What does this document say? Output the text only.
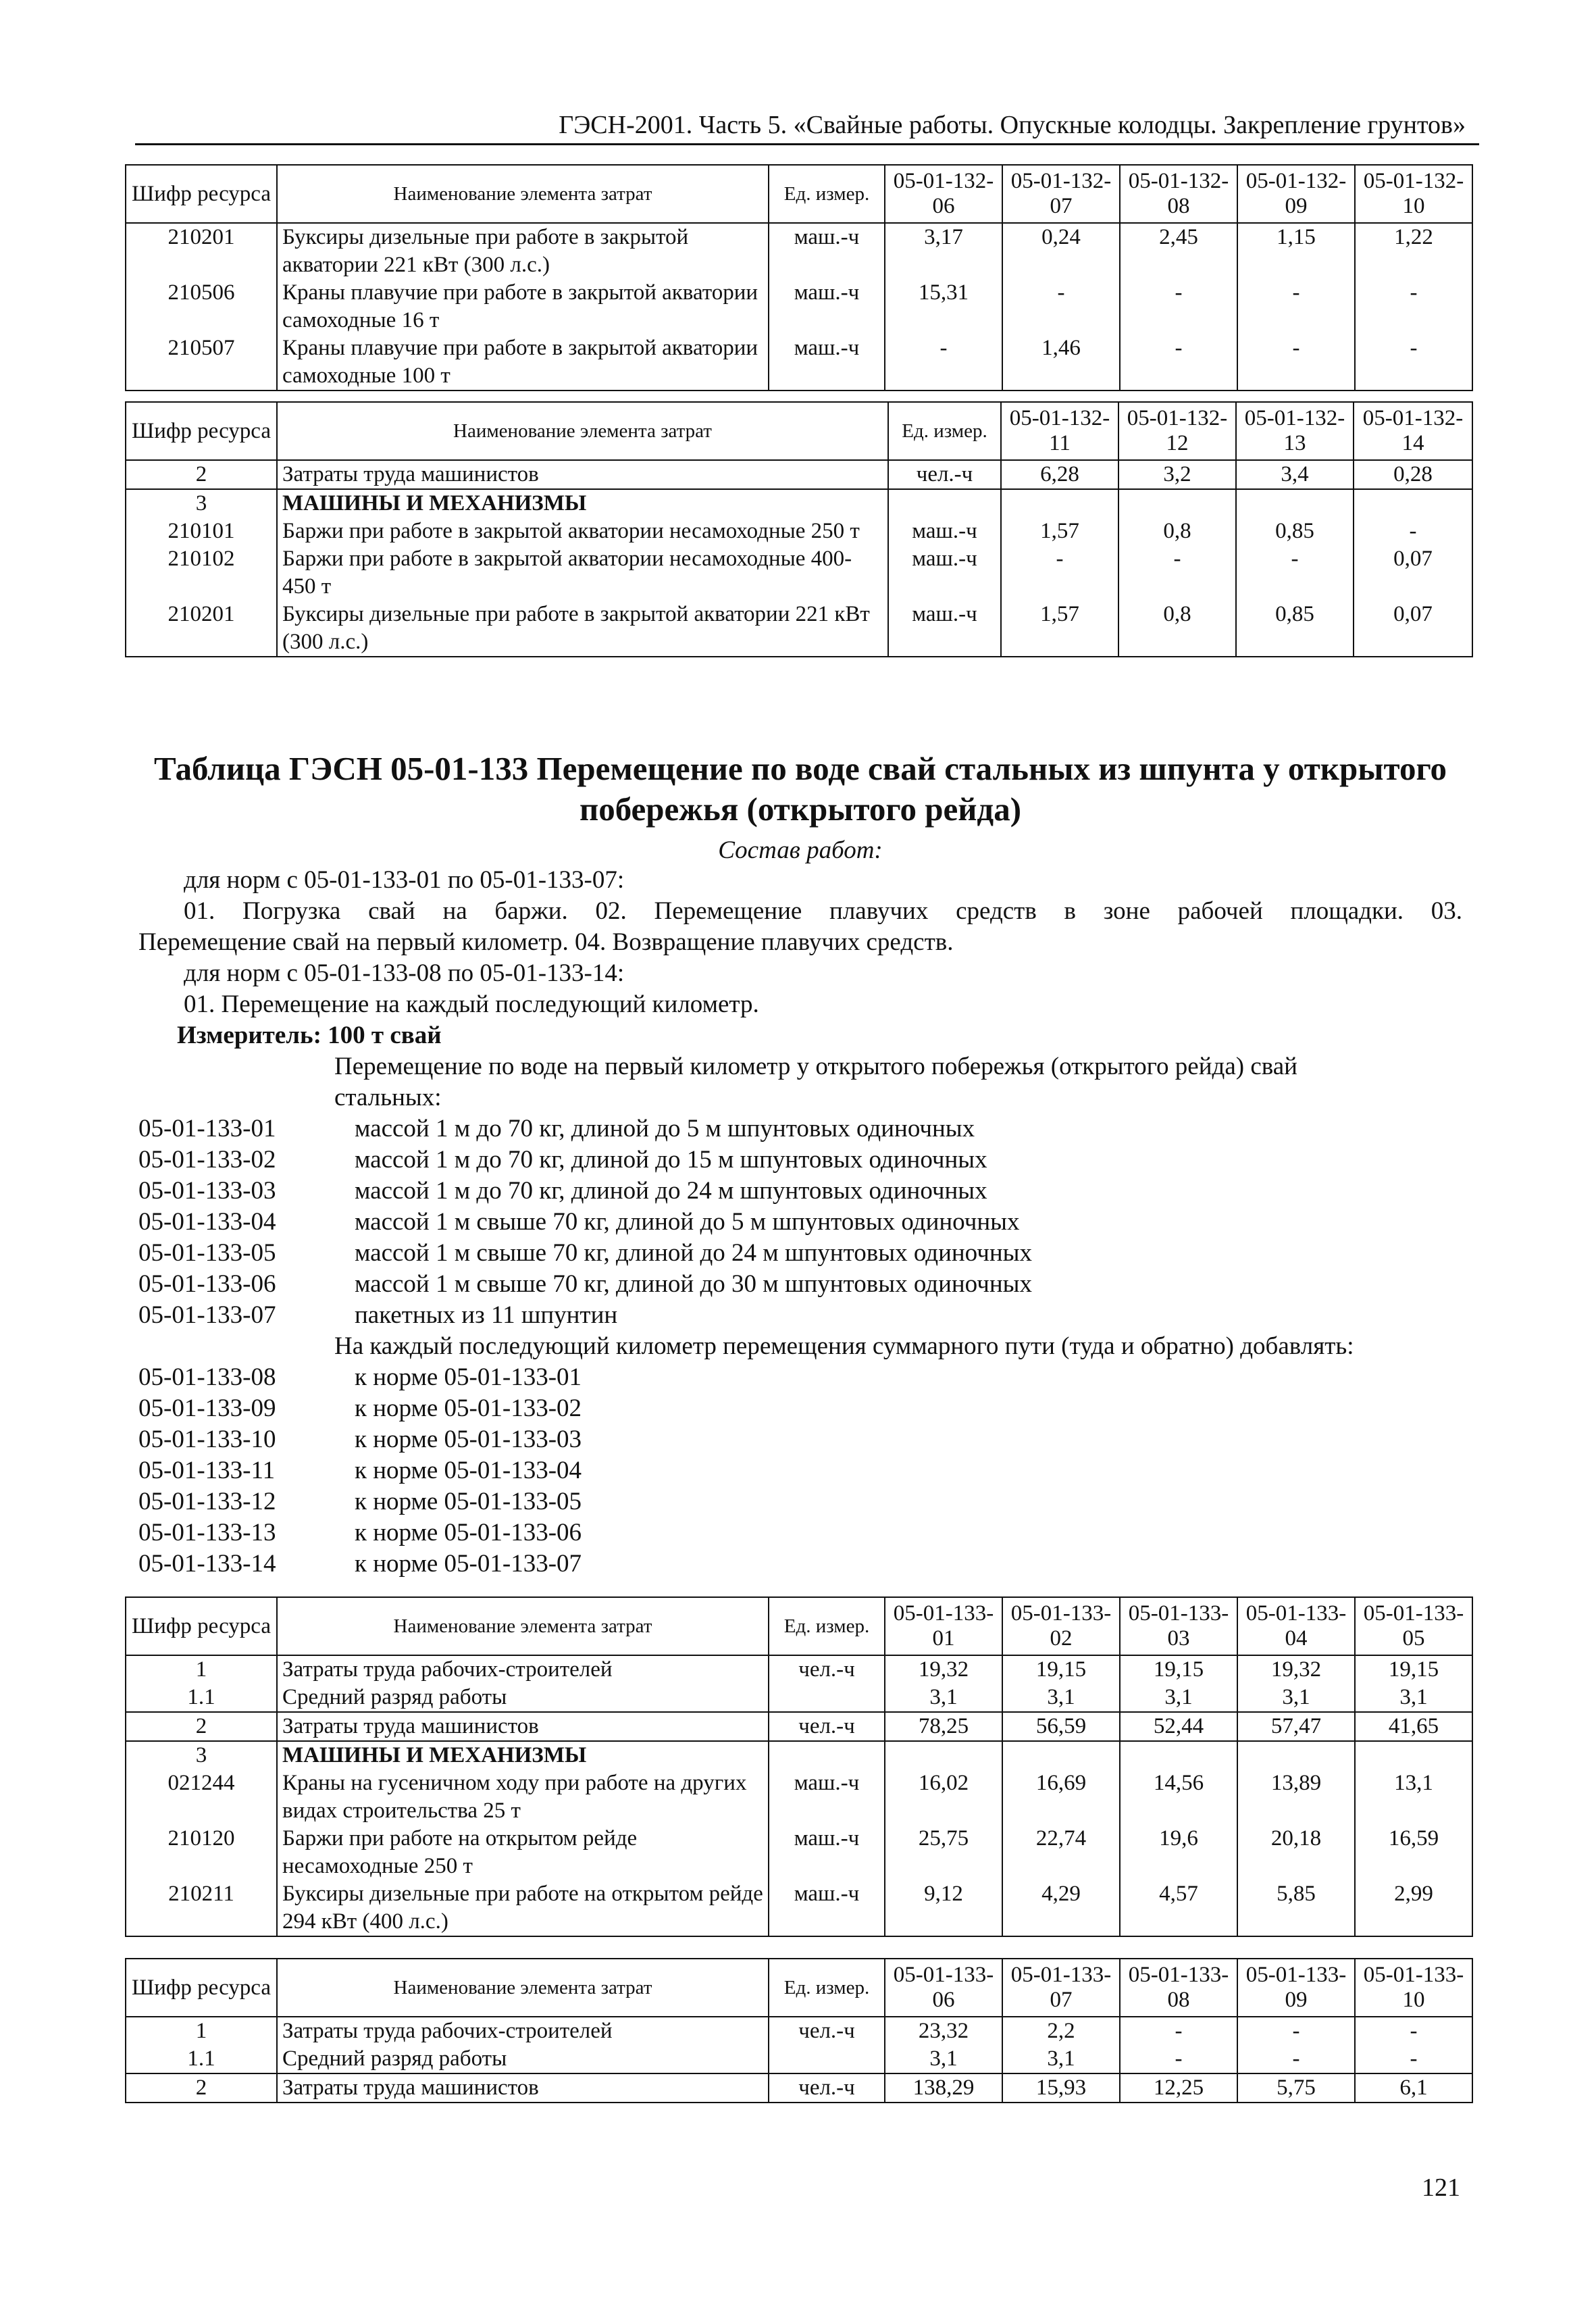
ГЭСН-2001. Часть 5. «Свайные работы. Опускные колодцы. Закрепление грунтов»
Шифр ресурса	Наименование элемента затрат	Ед. измер.	05-01-132-06	05-01-132-07	05-01-132-08	05-01-132-09	05-01-132-10
210201	Буксиры дизельные при работе в закрытой акватории 221 кВт (300 л.с.)	маш.-ч	3,17	0,24	2,45	1,15	1,22
210506	Краны плавучие при работе в закрытой акватории самоходные 16 т	маш.-ч	15,31	-	-	-	-
210507	Краны плавучие при работе в закрытой акватории самоходные 100 т	маш.-ч	-	1,46	-	-	-
Шифр ресурса	Наименование элемента затрат	Ед. измер.	05-01-132-11	05-01-132-12	05-01-132-13	05-01-132-14
2	Затраты труда машинистов	чел.-ч	6,28	3,2	3,4	0,28
3	МАШИНЫ И МЕХАНИЗМЫ					
210101	Баржи при работе в закрытой акватории несамоходные 250 т	маш.-ч	1,57	0,8	0,85	-
210102	Баржи при работе в закрытой акватории несамоходные 400-450 т	маш.-ч	-	-	-	0,07
210201	Буксиры дизельные при работе в закрытой акватории 221 кВт (300 л.с.)	маш.-ч	1,57	0,8	0,85	0,07
Таблица ГЭСН 05-01-133 Перемещение по воде свай стальных из шпунта у открытого
побережья (открытого рейда)
Состав работ:
для норм с 05-01-133-01 по 05-01-133-07:
01. Погрузка свай на баржи. 02. Перемещение плавучих средств в зоне рабочей площадки. 03.
Перемещение свай на первый километр. 04. Возвращение плавучих средств.
для норм с 05-01-133-08 по 05-01-133-14:
01. Перемещение на каждый последующий километр.
Измеритель: 100 т свай
Перемещение по воде на первый километр у открытого побережья (открытого рейда) свай
стальных:
05-01-133-01	массой 1 м до 70 кг, длиной до 5 м шпунтовых одиночных
05-01-133-02	массой 1 м до 70 кг, длиной до 15 м шпунтовых одиночных
05-01-133-03	массой 1 м до 70 кг, длиной до 24 м шпунтовых одиночных
05-01-133-04	массой 1 м свыше 70 кг, длиной до 5 м шпунтовых одиночных
05-01-133-05	массой 1 м свыше 70 кг, длиной до 24 м шпунтовых одиночных
05-01-133-06	массой 1 м свыше 70 кг, длиной до 30 м шпунтовых одиночных
05-01-133-07	пакетных из 11 шпунтин
На каждый последующий километр перемещения суммарного пути (туда и обратно) добавлять:
05-01-133-08	к норме 05-01-133-01
05-01-133-09	к норме 05-01-133-02
05-01-133-10	к норме 05-01-133-03
05-01-133-11	к норме 05-01-133-04
05-01-133-12	к норме 05-01-133-05
05-01-133-13	к норме 05-01-133-06
05-01-133-14	к норме 05-01-133-07
Шифр ресурса	Наименование элемента затрат	Ед. измер.	05-01-133-01	05-01-133-02	05-01-133-03	05-01-133-04	05-01-133-05
1	Затраты труда рабочих-строителей	чел.-ч	19,32	19,15	19,15	19,32	19,15
1.1	Средний разряд работы		3,1	3,1	3,1	3,1	3,1
2	Затраты труда машинистов	чел.-ч	78,25	56,59	52,44	57,47	41,65
3	МАШИНЫ И МЕХАНИЗМЫ						
021244	Краны на гусеничном ходу при работе на других видах строительства 25 т	маш.-ч	16,02	16,69	14,56	13,89	13,1
210120	Баржи при работе на открытом рейде несамоходные 250 т	маш.-ч	25,75	22,74	19,6	20,18	16,59
210211	Буксиры дизельные при работе на открытом рейде 294 кВт (400 л.с.)	маш.-ч	9,12	4,29	4,57	5,85	2,99
Шифр ресурса	Наименование элемента затрат	Ед. измер.	05-01-133-06	05-01-133-07	05-01-133-08	05-01-133-09	05-01-133-10
1	Затраты труда рабочих-строителей	чел.-ч	23,32	2,2	-	-	-
1.1	Средний разряд работы		3,1	3,1	-	-	-
2	Затраты труда машинистов	чел.-ч	138,29	15,93	12,25	5,75	6,1
121
